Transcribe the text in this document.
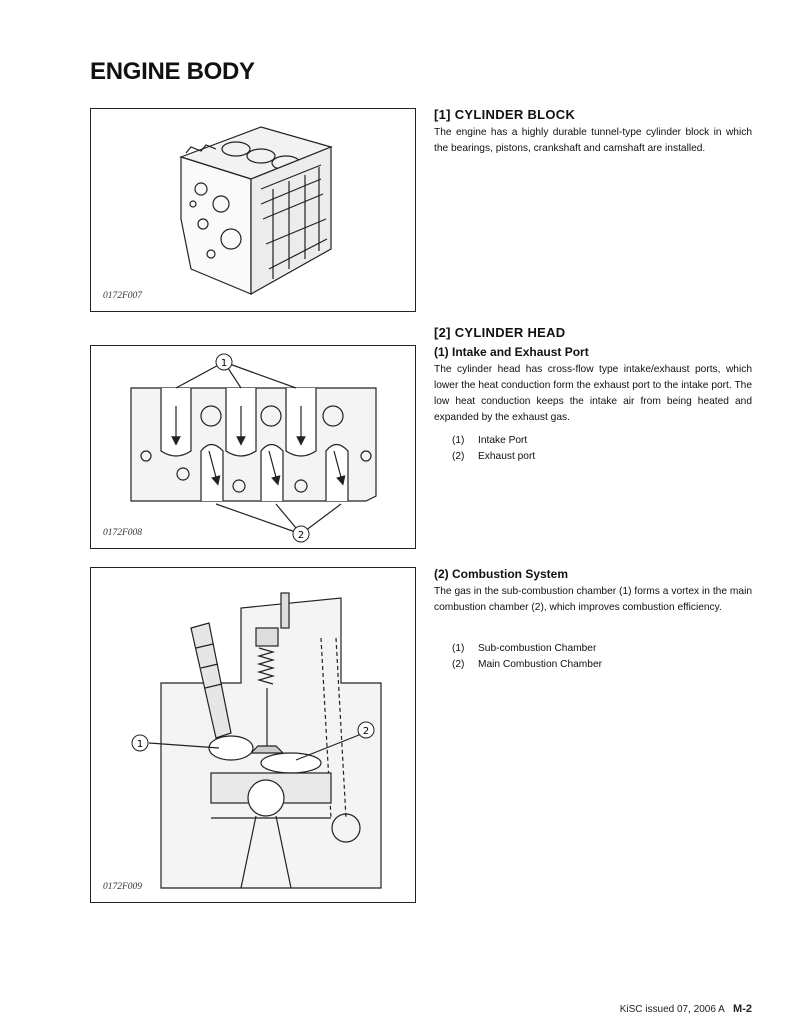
ENGINE BODY
0172F007
[1] CYLINDER BLOCK
The engine has a highly durable tunnel-type cylinder block in which the bearings, pistons, crankshaft and camshaft are installed.
1
2
0172F008
[2] CYLINDER HEAD
(1) Intake and Exhaust Port
The cylinder head has cross-flow type intake/exhaust ports, which lower the heat conduction form the exhaust port to the intake port. The low heat conduction keeps the intake air from being heated and expanded by the exhaust gas.
(1) Intake Port
(2) Exhaust port
1
2
0172F009
(2) Combustion System
The gas in the sub-combustion chamber (1) forms a vortex in the main combustion chamber (2), which improves combustion efficiency.
(1) Sub-combustion Chamber
(2) Main Combustion Chamber
KiSC issued 07, 2006 A M-2
